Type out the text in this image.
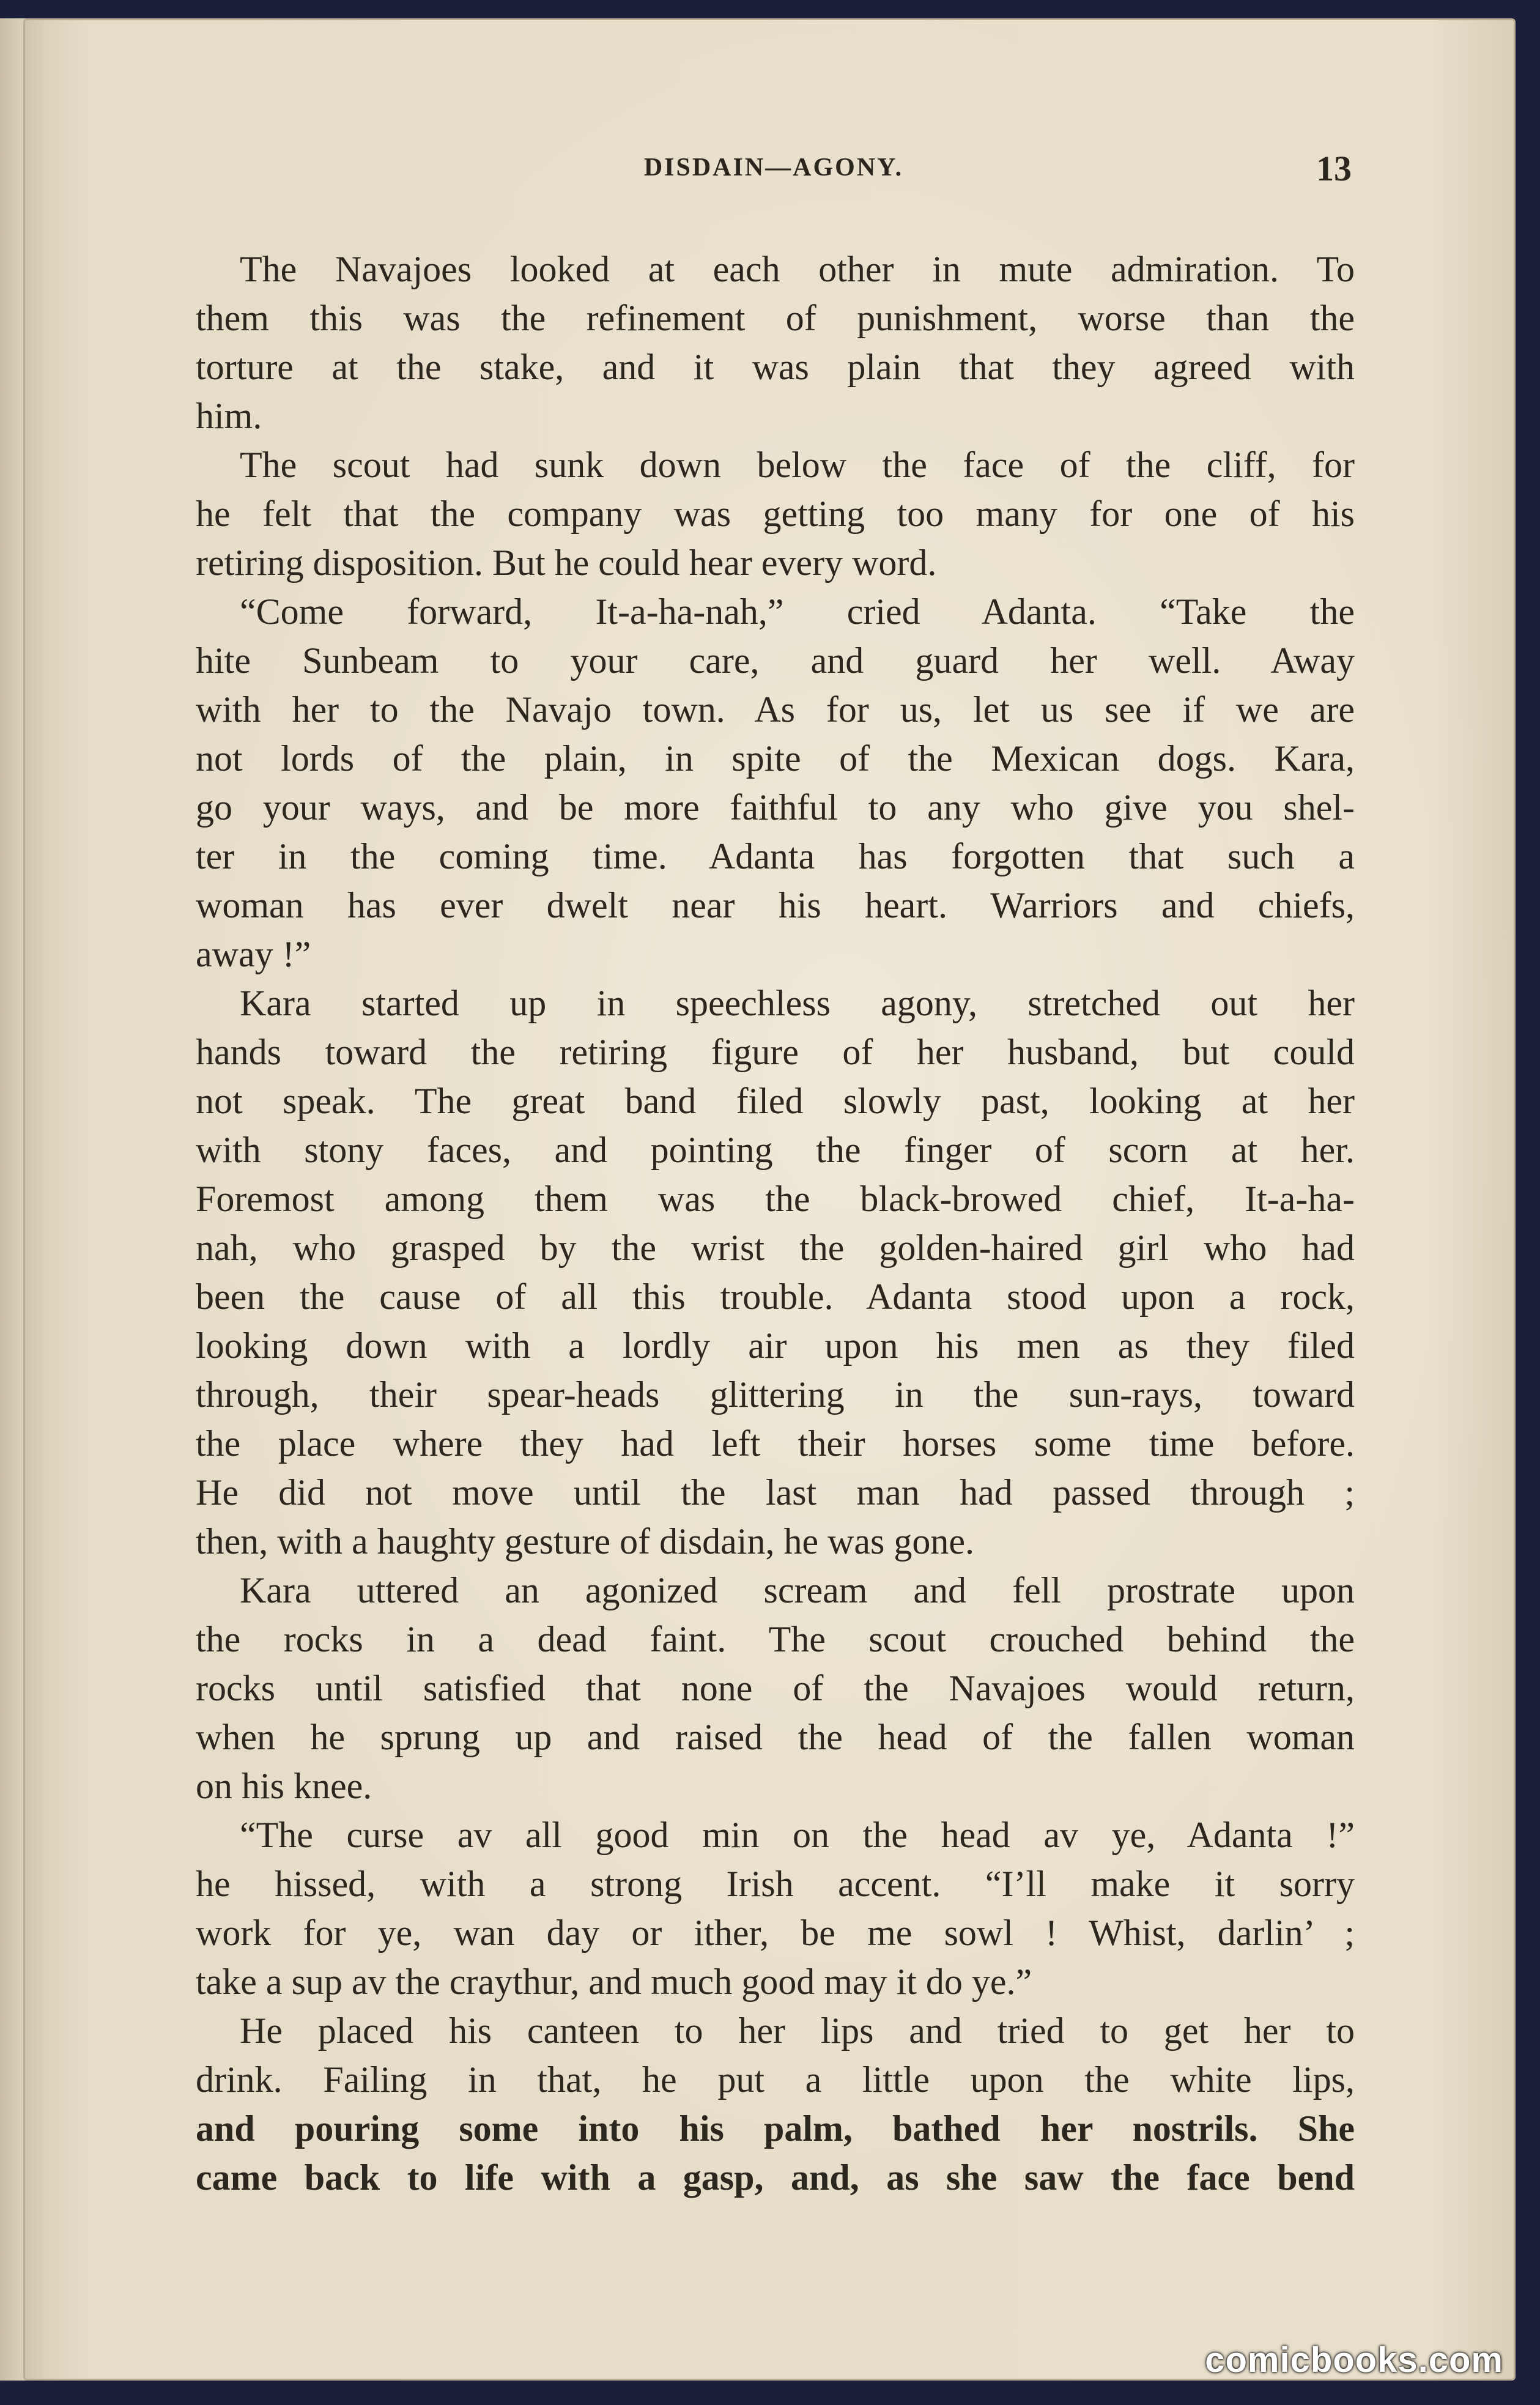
DISDAIN—AGONY.	13
The Navajoes looked at each other in mute admiration. To
them this was the refinement of punishment, worse than the
torture at the stake, and it was plain that they agreed with
him.
The scout had sunk down below the face of the cliff, for
he felt that the company was getting too many for one of his
retiring disposition. But he could hear every word.
“Come forward, It-a-ha-nah,” cried Adanta. “Take the
hite Sunbeam to your care, and guard her well. Away
with her to the Navajo town. As for us, let us see if we are
not lords of the plain, in spite of the Mexican dogs. Kara,
go your ways, and be more faithful to any who give you shel-
ter in the coming time. Adanta has forgotten that such a
woman has ever dwelt near his heart. Warriors and chiefs,
away !”
Kara started up in speechless agony, stretched out her
hands toward the retiring figure of her husband, but could
not speak. The great band filed slowly past, looking at her
with stony faces, and pointing the finger of scorn at her.
Foremost among them was the black-browed chief, It-a-ha-
nah, who grasped by the wrist the golden-haired girl who had
been the cause of all this trouble. Adanta stood upon a rock,
looking down with a lordly air upon his men as they filed
through, their spear-heads glittering in the sun-rays, toward
the place where they had left their horses some time before.
He did not move until the last man had passed through ;
then, with a haughty gesture of disdain, he was gone.
Kara uttered an agonized scream and fell prostrate upon
the rocks in a dead faint. The scout crouched behind the
rocks until satisfied that none of the Navajoes would return,
when he sprung up and raised the head of the fallen woman
on his knee.
“The curse av all good min on the head av ye, Adanta !”
he hissed, with a strong Irish accent. “I’ll make it sorry
work for ye, wan day or ither, be me sowl ! Whist, darlin’ ;
take a sup av the craythur, and much good may it do ye.”
He placed his canteen to her lips and tried to get her to
drink. Failing in that, he put a little upon the white lips,
and pouring some into his palm, bathed her nostrils. She
came back to life with a gasp, and, as she saw the face bend
comicbooks.com
